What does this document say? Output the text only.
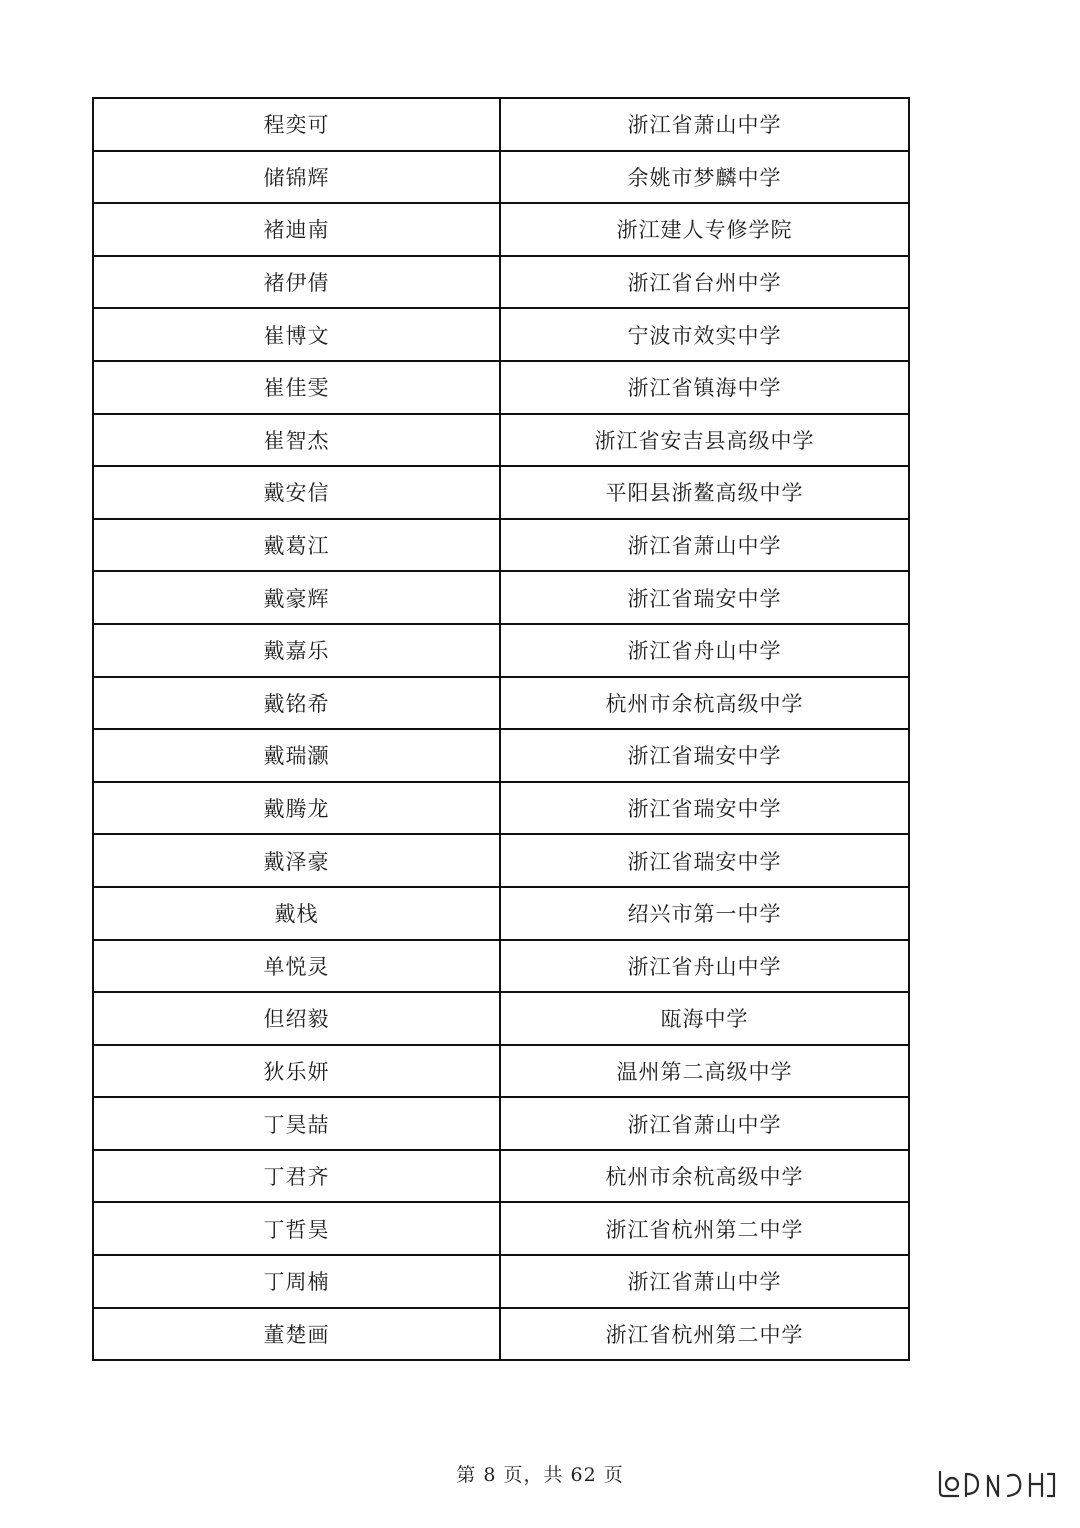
程奕可	浙江省萧山中学
储锦辉	余姚市梦麟中学
褚迪南	浙江建人专修学院
褚伊倩	浙江省台州中学
崔博文	宁波市效实中学
崔佳雯	浙江省镇海中学
崔智杰	浙江省安吉县高级中学
戴安信	平阳县浙鳌高级中学
戴葛江	浙江省萧山中学
戴豪辉	浙江省瑞安中学
戴嘉乐	浙江省舟山中学
戴铭希	杭州市余杭高级中学
戴瑞灏	浙江省瑞安中学
戴腾龙	浙江省瑞安中学
戴泽豪	浙江省瑞安中学
戴栈	绍兴市第一中学
单悦灵	浙江省舟山中学
但绍毅	瓯海中学
狄乐妍	温州第二高级中学
丁昊喆	浙江省萧山中学
丁君齐	杭州市余杭高级中学
丁哲昊	浙江省杭州第二中学
丁周楠	浙江省萧山中学
董楚画	浙江省杭州第二中学
第 8 页，共 62 页
